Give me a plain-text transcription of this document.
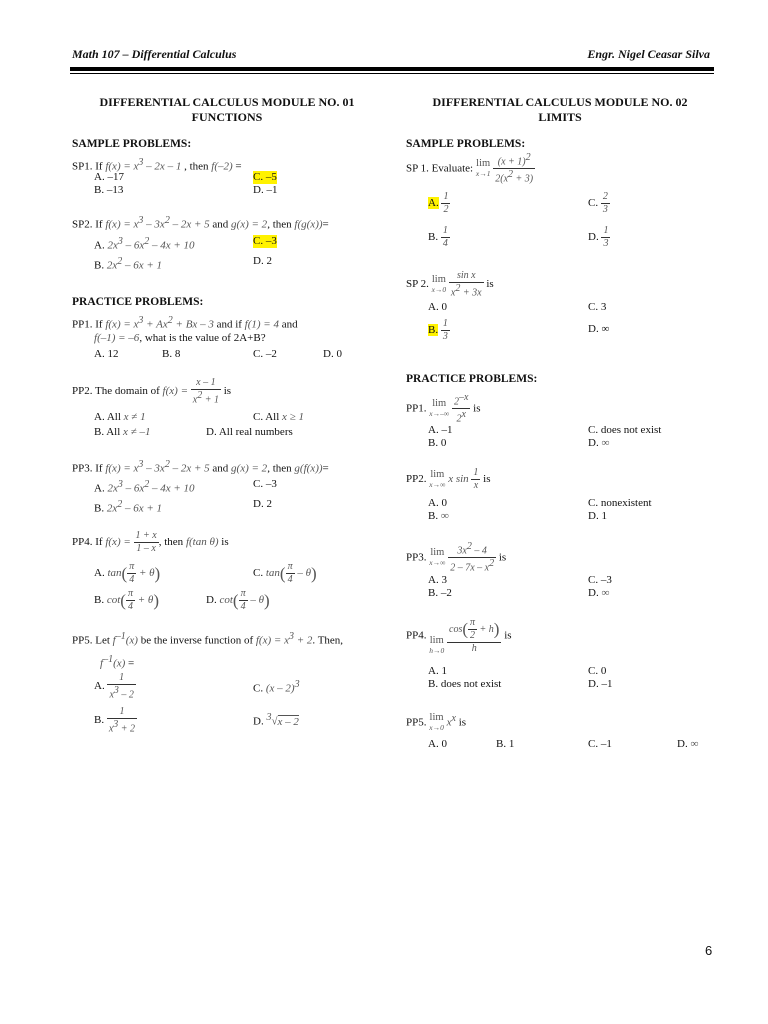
Math 107 – Differential Calculus	Engr. Nigel Ceasar Silva
DIFFERENTIAL CALCULUS MODULE NO. 01
FUNCTIONS
SAMPLE PROBLEMS:
SP1. If $f(x) = x^3 - 2x - 1$ , then f(–2) =
A. –17
B. –13
C. –5
D. –1
SP2. If $f(x) = x^3 - 3x^2 - 2x + 5$ and g(x) = 2, then f(g(x))=
A. $2x^3 - 6x^2 - 4x + 10$
B. $2x^2 - 6x + 1$
C. –3
D. 2
PRACTICE PROBLEMS:
PP1. If $f(x) = x^3 + Ax^2 + Bx - 3$ and if f(1) = 4 and
f(–1) = –6, what is the value of 2A+B?
A. 12	B. 8	C. –2	D. 0
PP2. The domain of $f(x) = \frac{x - 1}{x^2 + 1}$ is
A. All x ≠ 1
B. All x ≠ –1
C. All x ≥ 1
D. All real numbers
PP3. If $f(x) = x^3 - 3x^2 - 2x + 5$ and g(x) = 2, then g(f(x))=
A. $2x^3 - 6x^2 - 4x + 10$
B. $2x^2 - 6x + 1$
C. –3
D. 2
PP4. If $f(x) = \frac{1 + x}{1 - x}$ , then f(tan θ) is
A. $\tan( \frac{\pi}{4} + \theta)$
B. $\cot( \frac{\pi}{4} + \theta)$
C. $\tan( \frac{\pi}{4} - \theta)$
D. $\cot( \frac{\pi}{4} - \theta)$
PP5. Let $f^{-1}(x)$ be the inverse function of $f(x) = x^3 + 2$. Then,
$f^{-1}(x)$ =
A. $\frac{1}{x^3 - 2}$
B. $\frac{1}{x^3 + 2}$
C. (x – 2)$^3$
D. $^3$√x – 2
DIFFERENTIAL CALCULUS MODULE NO. 02
LIMITS
SAMPLE PROBLEMS:
SP 1. Evaluate: lim
x→1
$\frac{(x + 1)^2}{2(x^2 + 3)}$
A. $\frac{1}{2}$
B. $\frac{1}{4}$
C. $\frac{2}{3}$
D. $\frac{1}{3}$
SP 2. lim
x→0
$\frac{\text{sin x}}{x^2 + 3x}$ is
A. 0
B. $\frac{1}{3}$
C. 3
D. ∞
PRACTICE PROBLEMS:
PP1. lim
x→–∞
$\frac{2^{-x}}{2^x}$ is
A. –1
B. 0
C. does not exist
D. ∞
PP2. lim
x→∞ x $\sin \frac{1}{x}$ is
A. 0
B. ∞
C. nonexistent
D. 1
PP3. lim
x→∞
$\frac{3x^2 - 4}{2 - 7x - x^2}$ is
A. 3
B. –2
C. –3
D. ∞
PP4. lim
h→0
$\frac{\cos( \frac{\pi}{2} + h)}{h}$ is
A. 1
B. does not exist
C. 0
D. –1
PP5. lim
x→0 $x^x$ is
A. 0	B. 1	C. –1	D. ∞
6
